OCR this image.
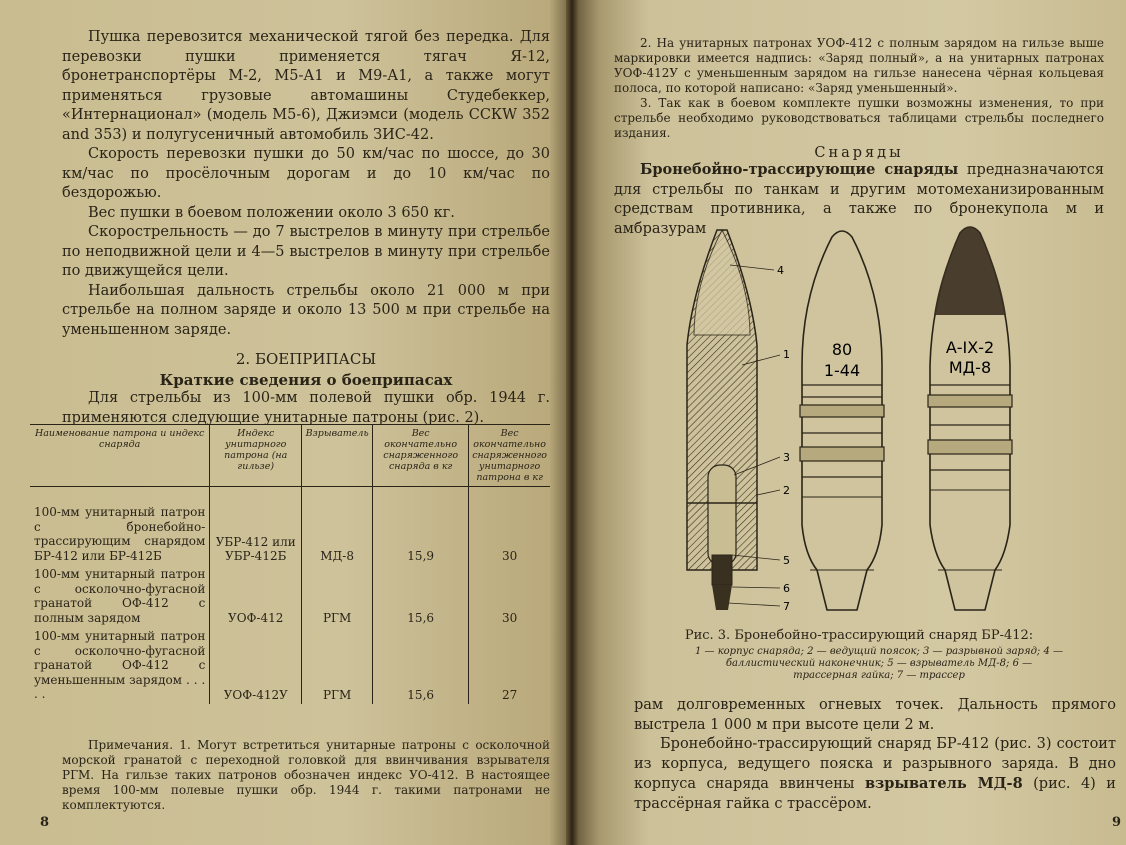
Пушка перевозится механической тягой без передка. Для перевозки пушки применяется тягач Я-12, бронетранспортёры М-2, М5-А1 и М9-А1, а также могут применяться грузовые автомашины Студебеккер, «Интернационал» (модель М5-6), Джиэмси (модель ССКW 352 and 353) и полугусеничный автомобиль ЗИС-42.

Скорость перевозки пушки до 50 км/час по шоссе, до 30 км/час по просёлочным дорогам и до 10 км/час по бездорожью.

Вес пушки в боевом положении около 3 650 кг.

Скорострельность — до 7 выстрелов в минуту при стрельбе по неподвижной цели и 4—5 выстрелов в минуту при стрельбе по движущейся цели.

Наибольшая дальность стрельбы около 21 000 м при стрельбе на полном заряде и около 13 500 м при стрельбе на уменьшенном заряде.

2. БОЕПРИПАСЫ

Краткие сведения о боеприпасах

Для стрельбы из 100-мм полевой пушки обр. 1944 г. применяются следующие унитарные патроны (рис. 2).

Наименование патрона и индекс снаряда	Индекс унитарного патрона (на гильзе)	Взрыватель	Вес окончательно снаряженного снаряда в кг	Вес окончательно снаряженного унитарного патрона в кг
100-мм унитарный патрон с бронебойно-трассирующим снарядом БР-412 или БР-412Б	УБР-412 или УБР-412Б	МД-8	15,9	30
100-мм унитарный патрон с осколочно-фугасной гранатой ОФ-412 с полным зарядом	УОФ-412	РГМ	15,6	30
100-мм унитарный патрон с осколочно-фугасной гранатой ОФ-412 с уменьшенным зарядом . . . . .	УОФ-412У	РГМ	15,6	27

Примечания. 1. Могут встретиться унитарные патроны с осколочной морской гранатой с переходной головкой для ввинчивания взрывателя РГМ. На гильзе таких патронов обозначен индекс УО-412. В настоящее время 100-мм полевые пушки обр. 1944 г. такими патронами не комплектуются.

8

2. На унитарных патронах УОФ-412 с полным зарядом на гильзе выше маркировки имеется надпись: «Заряд полный», а на унитарных патронах УОФ-412У с уменьшенным зарядом на гильзе нанесена чёрная кольцевая полоса, по которой написано: «Заряд уменьшенный».

3. Так как в боевом комплекте пушки возможны изменения, то при стрельбе необходимо руководствоваться таблицами стрельбы последнего издания.

Снаряды

Бронебойно-трассирующие снаряды предназначаются для стрельбы по танкам и другим мотомеханизированным средствам противника, а также по бронекупола м и амбразурам

4
1
3
2
5
6
7
80
1-44
А-IХ-2
МД-8

Рис. 3. Бронебойно-трассирующий снаряд БР-412:

1 — корпус снаряда; 2 — ведущий поясок; 3 — разрывной заряд; 4 — баллистический наконечник; 5 — взрыватель МД-8; 6 — трассерная гайка; 7 — трассер

рам долговременных огневых точек. Дальность прямого выстрела 1 000 м при высоте цели 2 м.

Бронебойно-трассирующий снаряд БР-412 (рис. 3) состоит из корпуса, ведущего пояска и разрывного заряда. В дно корпуса снаряда ввинчены взрыватель МД-8 (рис. 4) и трассёрная гайка с трассёром.

9
